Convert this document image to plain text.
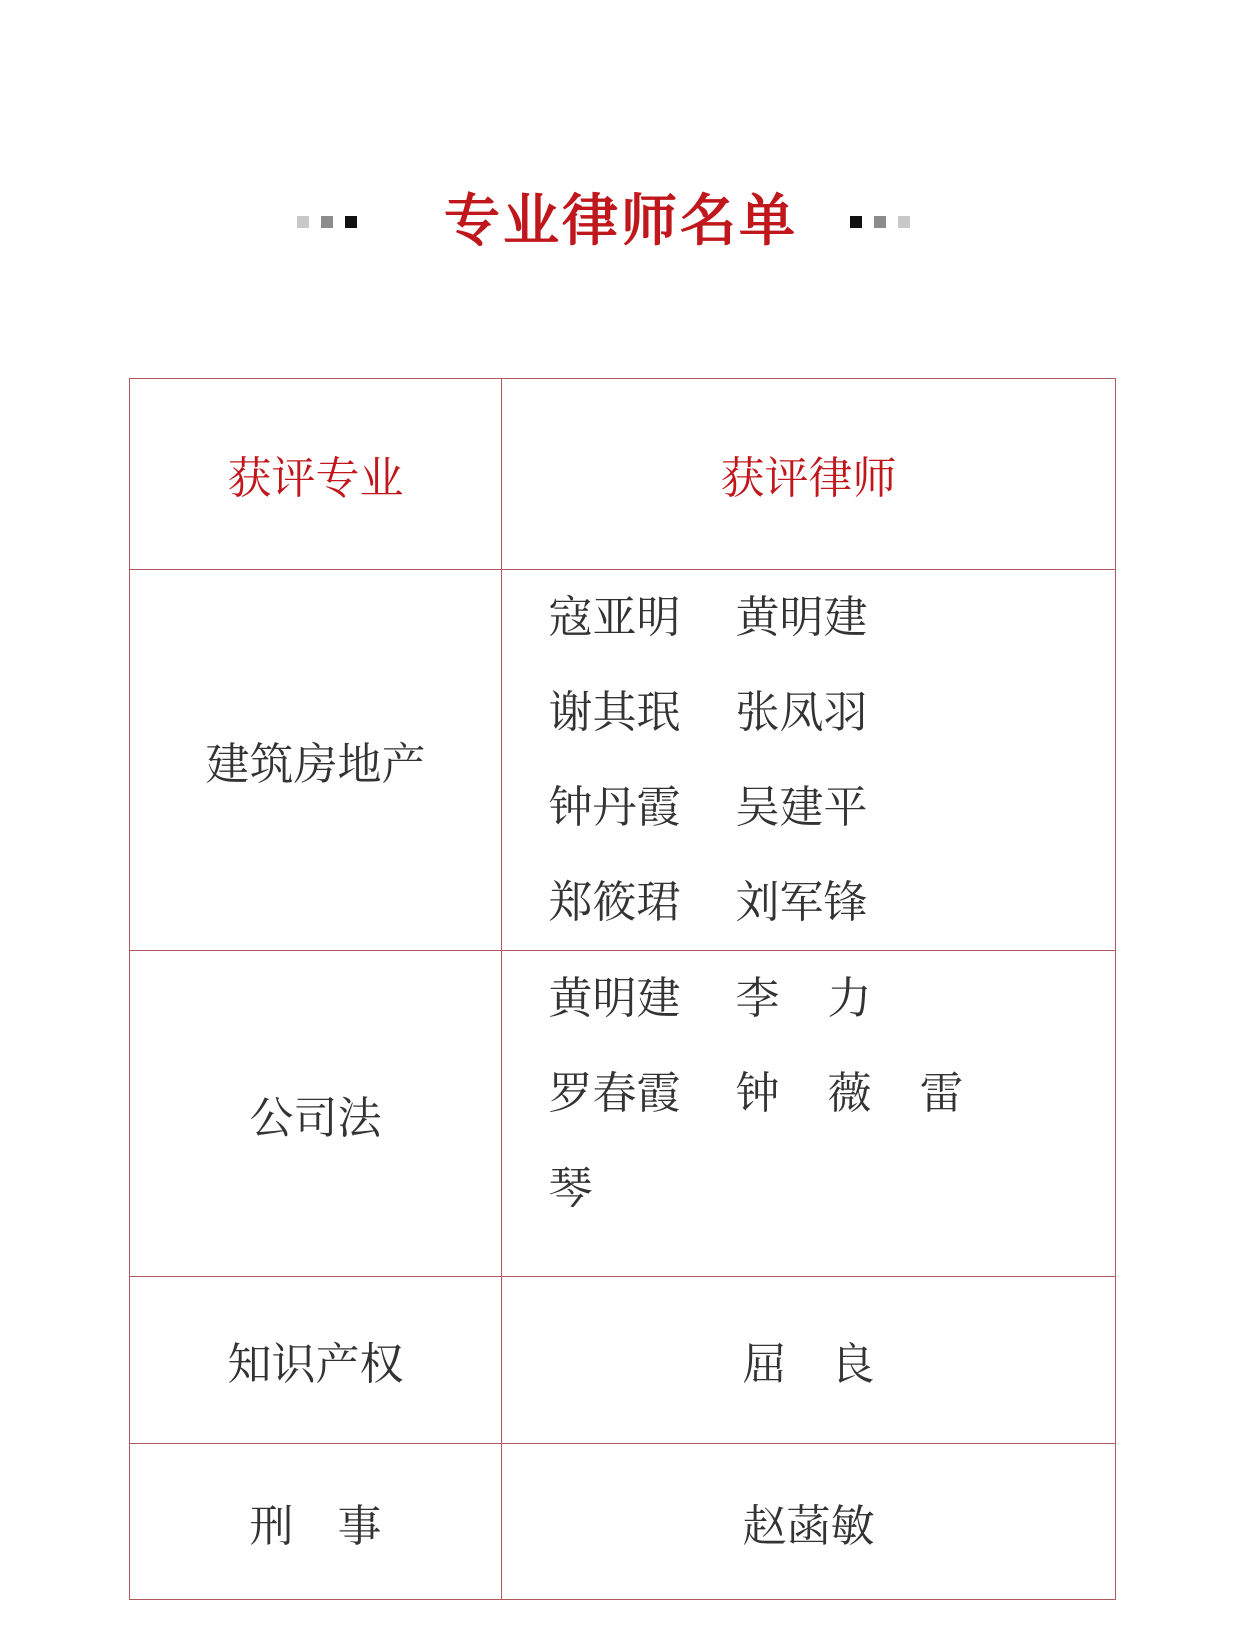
专业律师名单
获评专业	获评律师
建筑房地产	寇亚明 黄明建谢其珉 张凤羽钟丹霞 吴建平郑筱珺 刘军锋
公司法	黄明建 李 力罗春霞 钟 薇 雷琴
知识产权	屈　良
刑　事	赵菡敏
